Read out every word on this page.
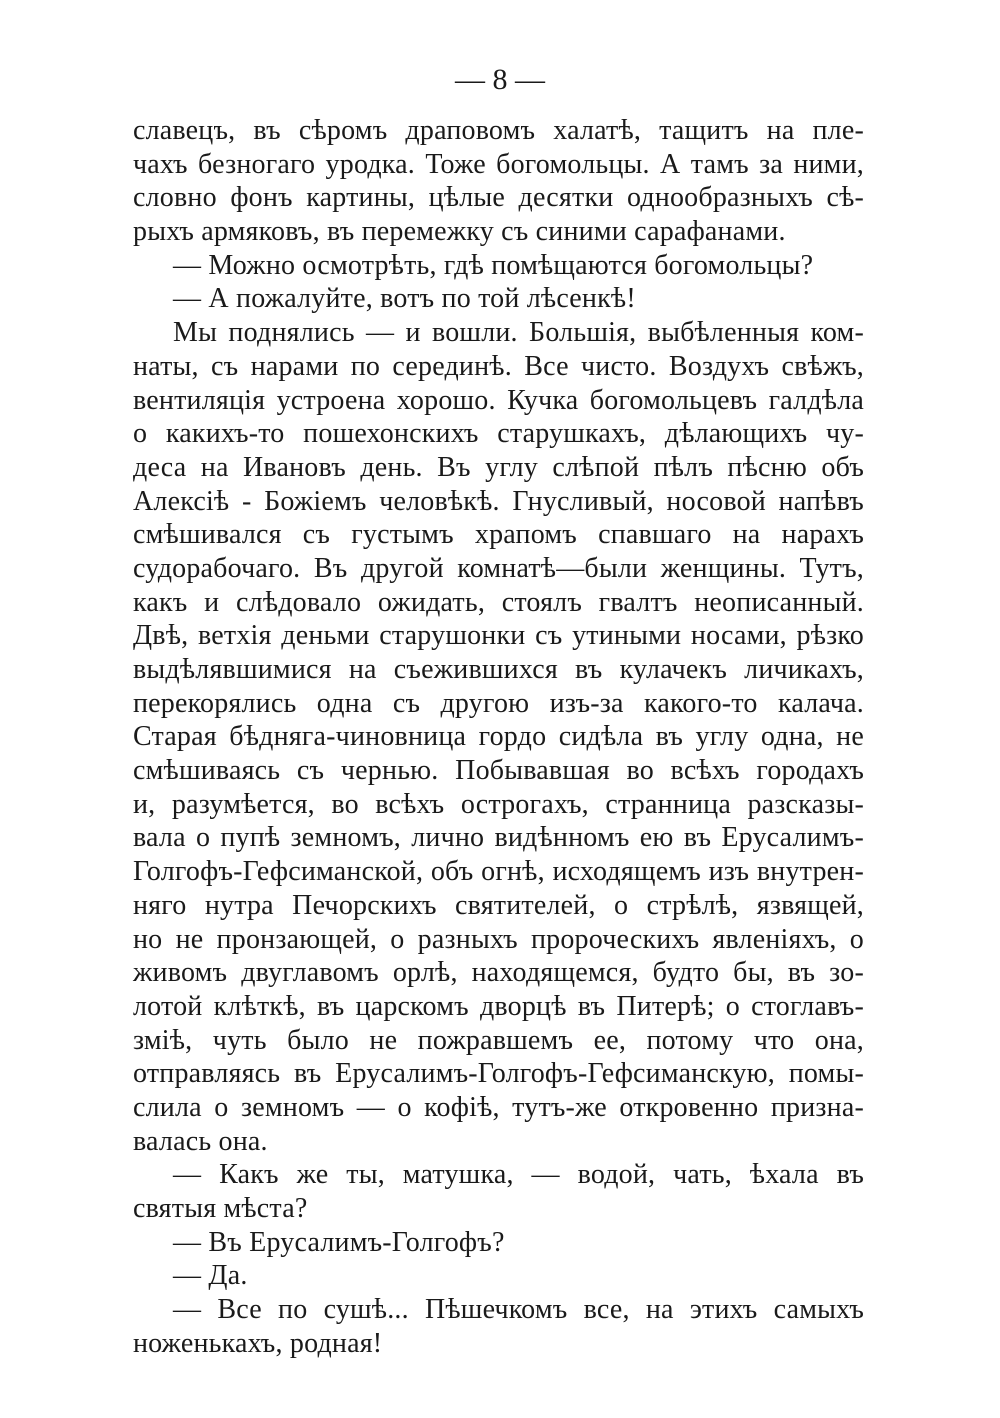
— 8 —
славецъ, въ сѣромъ драповомъ халатѣ, тащитъ на пле-
чахъ безногаго уродка. Тоже богомольцы. А тамъ за ними,
словно фонъ картины, цѣлые десятки однообразныхъ сѣ-
рыхъ армяковъ, въ перемежку съ синими сарафанами.
— Можно осмотрѣть, гдѣ помѣщаются богомольцы?
— А пожалуйте, вотъ по той лѣсенкѣ!
Мы поднялись — и вошли. Большія, выбѣленныя ком-
наты, съ нарами по серединѣ. Все чисто. Воздухъ свѣжъ,
вентиляція устроена хорошо. Кучка богомольцевъ галдѣла
о какихъ-то пошехонскихъ старушкахъ, дѣлающихъ чу-
деса на Ивановъ день. Въ углу слѣпой пѣлъ пѣсню объ
Алексіѣ - Божіемъ человѣкѣ. Гнусливый, носовой напѣвъ
смѣшивался съ густымъ храпомъ спавшаго на нарахъ
судорабочаго. Въ другой комнатѣ—были женщины. Тутъ,
какъ и слѣдовало ожидать, стоялъ гвалтъ неописанный.
Двѣ, ветхія деньми старушонки съ утиными носами, рѣзко
выдѣлявшимися на съежившихся въ кулачекъ личикахъ,
перекорялись одна съ другою изъ-за какого-то калача.
Старая бѣдняга-чиновница гордо сидѣла въ углу одна, не
смѣшиваясь съ чернью. Побывавшая во всѣхъ городахъ
и, разумѣется, во всѣхъ острогахъ, странница разсказы-
вала о пупѣ земномъ, лично видѣнномъ ею въ Ерусалимъ-
Голгофъ-Гефсиманской, объ огнѣ, исходящемъ изъ внутрен-
няго нутра Печорскихъ святителей, о стрѣлѣ, язвящей,
но не пронзающей, о разныхъ пророческихъ явленіяхъ, о
живомъ двуглавомъ орлѣ, находящемся, будто бы, въ зо-
лотой клѣткѣ, въ царскомъ дворцѣ въ Питерѣ; о стоглавъ-
зміѣ, чуть было не пожравшемъ ее, потому что она,
отправляясь въ Ерусалимъ-Голгофъ-Гефсиманскую, помы-
слила о земномъ — о кофіѣ, тутъ-же откровенно призна-
валась она.
— Какъ же ты, матушка, — водой, чать, ѣхала въ
святыя мѣста?
— Въ Ерусалимъ-Голгофъ?
— Да.
— Все по сушѣ... Пѣшечкомъ все, на этихъ самыхъ
ноженькахъ, родная!
